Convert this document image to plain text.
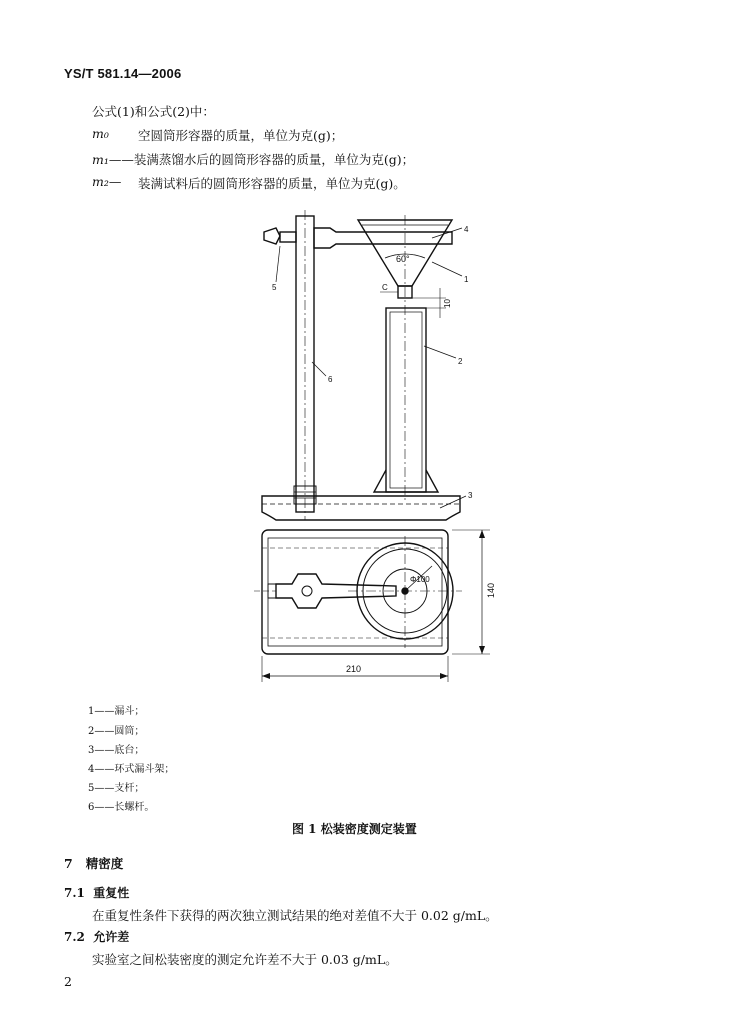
YS/T 581.14—2006
公式(1)和公式(2)中：
m₀ 空圆筒形容器的质量，单位为克(g)；
m₁——装满蒸馏水后的圆筒形容器的质量，单位为克(g)；
m₂— 装满试料后的圆筒形容器的质量，单位为克(g)。
60°
C
10
Φ100
140
210
4
1
2
3
5
6
1——漏斗；
2——圆筒；
3——底台；
4——环式漏斗架；
5——支杆；
6——长螺杆。
图 1 松装密度测定装置
7 精密度
7.1 重复性
在重复性条件下获得的两次独立测试结果的绝对差值不大于 0.02 g/mL。
7.2 允许差
实验室之间松装密度的测定允许差不大于 0.03 g/mL。
2
